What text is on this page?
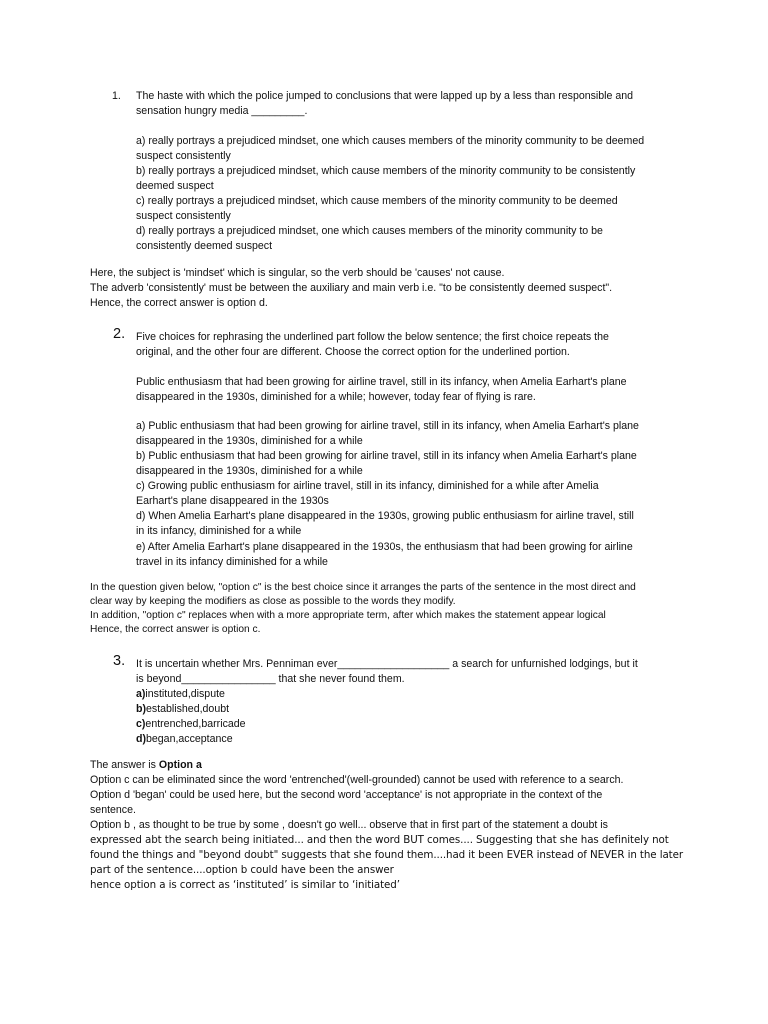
1. The haste with which the police jumped to conclusions that were lapped up by a less than responsible and
sensation hungry media _________.
a) really portrays a prejudiced mindset, one which causes members of the minority community to be deemed
suspect consistently
b) really portrays a prejudiced mindset, which cause members of the minority community to be consistently
deemed suspect
c) really portrays a prejudiced mindset, which cause members of the minority community to be deemed
suspect consistently
d) really portrays a prejudiced mindset, one which causes members of the minority community to be
consistently deemed suspect
Here, the subject is 'mindset' which is singular, so the verb should be 'causes' not cause.
The adverb 'consistently' must be between the auxiliary and main verb i.e. "to be consistently deemed suspect".
Hence, the correct answer is option d.
2. Five choices for rephrasing the underlined part follow the below sentence; the first choice repeats the
original, and the other four are different. Choose the correct option for the underlined portion.
Public enthusiasm that had been growing for airline travel, still in its infancy, when Amelia Earhart's plane
disappeared in the 1930s, diminished for a while; however, today fear of flying is rare.
a) Public enthusiasm that had been growing for airline travel, still in its infancy, when Amelia Earhart's plane
disappeared in the 1930s, diminished for a while
b) Public enthusiasm that had been growing for airline travel, still in its infancy when Amelia Earhart's plane
disappeared in the 1930s, diminished for a while
c) Growing public enthusiasm for airline travel, still in its infancy, diminished for a while after Amelia
Earhart's plane disappeared in the 1930s
d) When Amelia Earhart's plane disappeared in the 1930s, growing public enthusiasm for airline travel, still
in its infancy, diminished for a while
e) After Amelia Earhart's plane disappeared in the 1930s, the enthusiasm that had been growing for airline
travel in its infancy diminished for a while
In the question given below, "option c" is the best choice since it arranges the parts of the sentence in the most direct and
clear way by keeping the modifiers as close as possible to the words they modify.
In addition, "option c" replaces when with a more appropriate term, after which makes the statement appear logical
Hence, the correct answer is option c.
3. It is uncertain whether Mrs. Penniman ever___________________ a search for unfurnished lodgings, but it
is beyond________________ that she never found them.
a)instituted,dispute
b)established,doubt
c)entrenched,barricade
d)began,acceptance
The answer is Option a
Option c can be eliminated since the word 'entrenched'(well-grounded) cannot be used with reference to a search.
Option d 'began' could be used here, but the second word 'acceptance' is not appropriate in the context of the
sentence.
Option b , as thought to be true by some , doesn't go well... observe that in first part of the statement a doubt is
expressed abt the search being initiated... and then the word BUT comes.... Suggesting that she has definitely not
found the things and "beyond doubt" suggests that she found them....had it been EVER instead of NEVER in the later
part of the sentence....option b could have been the answer
hence option a is correct as ‘instituted’ is similar to ‘initiated’
